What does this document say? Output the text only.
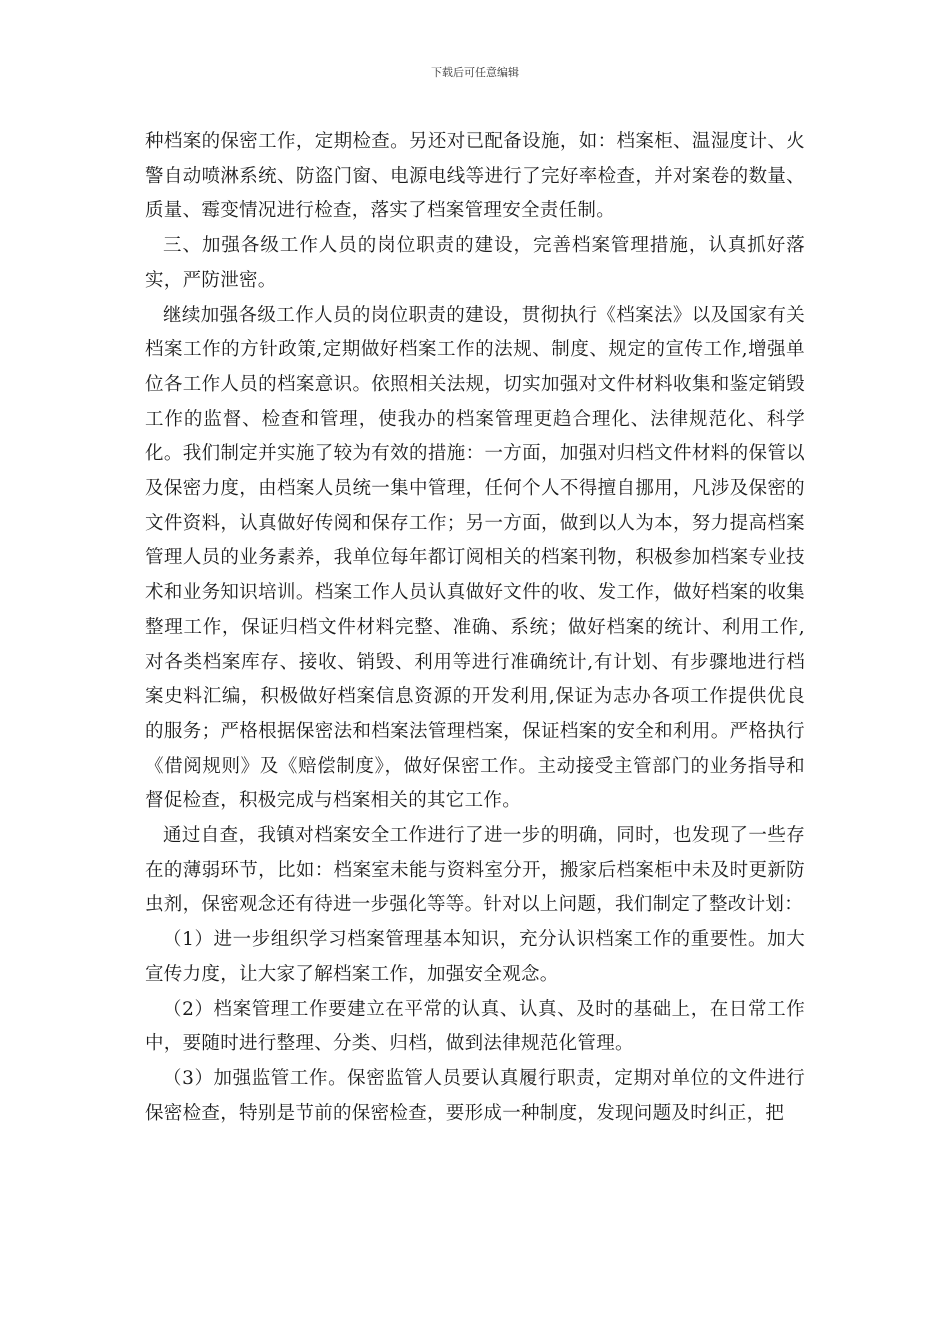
下载后可任意编辑

种档案的保密工作，定期检查。另还对已配备设施，如：档案柜、温湿度计、火警自动喷淋系统、防盗门窗、电源电线等进行了完好率检查，并对案卷的数量、质量、霉变情况进行检查，落实了档案管理安全责任制。

三、加强各级工作人员的岗位职责的建设，完善档案管理措施，认真抓好落实，严防泄密。

继续加强各级工作人员的岗位职责的建设，贯彻执行《档案法》以及国家有关档案工作的方针政策,定期做好档案工作的法规、制度、规定的宣传工作,增强单位各工作人员的档案意识。依照相关法规，切实加强对文件材料收集和鉴定销毁工作的监督、检查和管理，使我办的档案管理更趋合理化、法律规范化、科学化。我们制定并实施了较为有效的措施：一方面，加强对归档文件材料的保管以及保密力度，由档案人员统一集中管理，任何个人不得擅自挪用，凡涉及保密的文件资料，认真做好传阅和保存工作；另一方面，做到以人为本，努力提高档案管理人员的业务素养，我单位每年都订阅相关的档案刊物，积极参加档案专业技术和业务知识培训。档案工作人员认真做好文件的收、发工作，做好档案的收集整理工作，保证归档文件材料完整、准确、系统；做好档案的统计、利用工作,对各类档案库存、接收、销毁、利用等进行准确统计,有计划、有步骤地进行档案史料汇编，积极做好档案信息资源的开发利用,保证为志办各项工作提供优良的服务；严格根据保密法和档案法管理档案，保证档案的安全和利用。严格执行《借阅规则》及《赔偿制度》，做好保密工作。主动接受主管部门的业务指导和督促检查，积极完成与档案相关的其它工作。

通过自查，我镇对档案安全工作进行了进一步的明确，同时，也发现了一些存在的薄弱环节，比如：档案室未能与资料室分开，搬家后档案柜中未及时更新防虫剂，保密观念还有待进一步强化等等。针对以上问题，我们制定了整改计划：

（1）进一步组织学习档案管理基本知识，充分认识档案工作的重要性。加大宣传力度，让大家了解档案工作，加强安全观念。

（2）档案管理工作要建立在平常的认真、认真、及时的基础上，在日常工作中，要随时进行整理、分类、归档，做到法律规范化管理。

（3）加强监管工作。保密监管人员要认真履行职责，定期对单位的文件进行保密检查，特别是节前的保密检查，要形成一种制度，发现问题及时纠正，把
